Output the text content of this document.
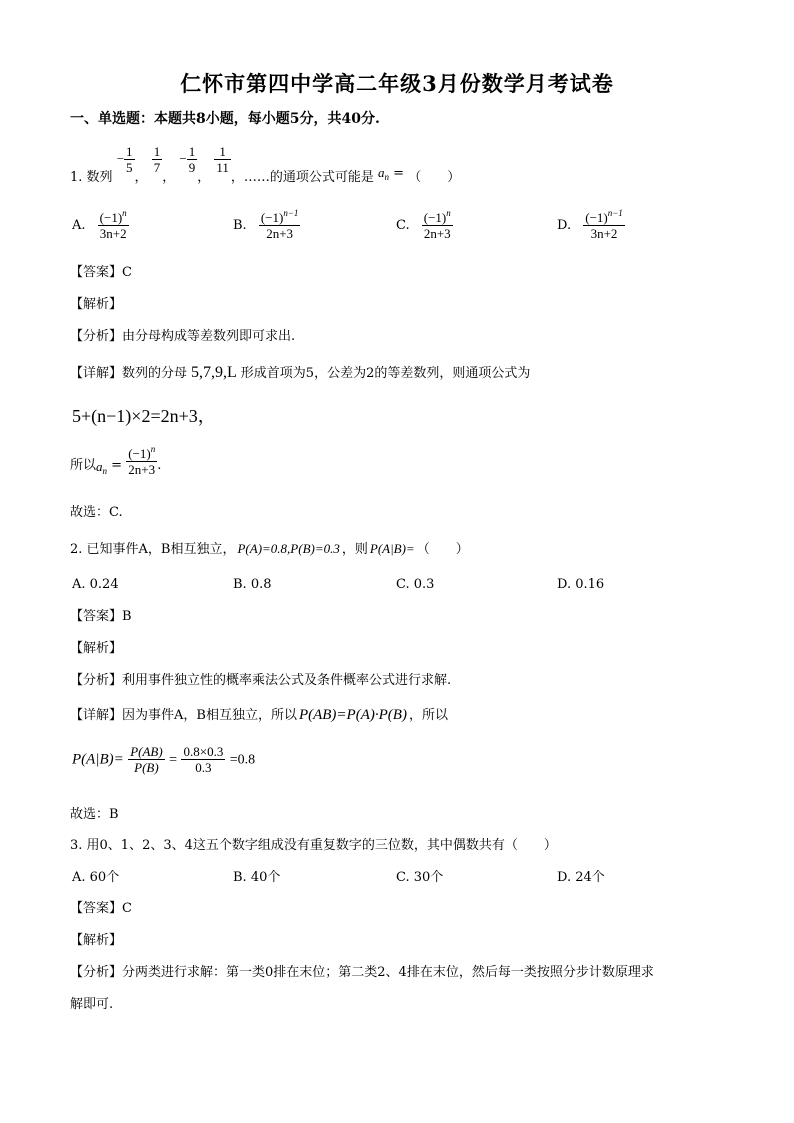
仁怀市第四中学高二年级3月份数学月考试卷
一、单选题：本题共8小题，每小题5分，共40分.
1. 数列 − $\frac{1}{5}$
，
$\frac{1}{7}$
， − $\frac{1}{9}$
，
$\frac{1}{11}$
，……的通项公式可能是 $a_n$ = （　　）
A. $\frac{(-1)^n}{3n+2}$	B. $\frac{(-1)^{n-1}}{2n+3}$	C. $\frac{(-1)^n}{2n+3}$	D. $\frac{(-1)^{n-1}}{3n+2}$
【答案】C
【解析】
【分析】由分母构成等差数列即可求出.
【详解】数列的分母 5,7,9,L 形成首项为5，公差为2的等差数列，则通项公式为
5+(n−1)×2=2n+3，
所以$a_n = \frac{(-1)^n}{2n+3}$ .
故选：C.
2. 已知事件A，B相互独立， P(A)=0.8,P(B)=0.3 ，则 P(A|B)= （　　）
A. 0.24	B. 0.8	C. 0.3	D. 0.16
【答案】B
【解析】
【分析】利用事件独立性的概率乘法公式及条件概率公式进行求解.
【详解】因为事件A，B相互独立，所以 P(AB)=P(A)·P(B) ，所以
$P(A|B)= \frac{P(AB)}{P(B)} = \frac{0.8\times 0.3}{0.3} =0.8$
故选：B
3. 用0、1、2、3、4这五个数字组成没有重复数字的三位数，其中偶数共有（　　）
A. 60个	B. 40个	C. 30个	D. 24个
【答案】C
【解析】
【分析】分两类进行求解：第一类0排在末位；第二类2、4排在末位，然后每一类按照分步计数原理求
解即可.
